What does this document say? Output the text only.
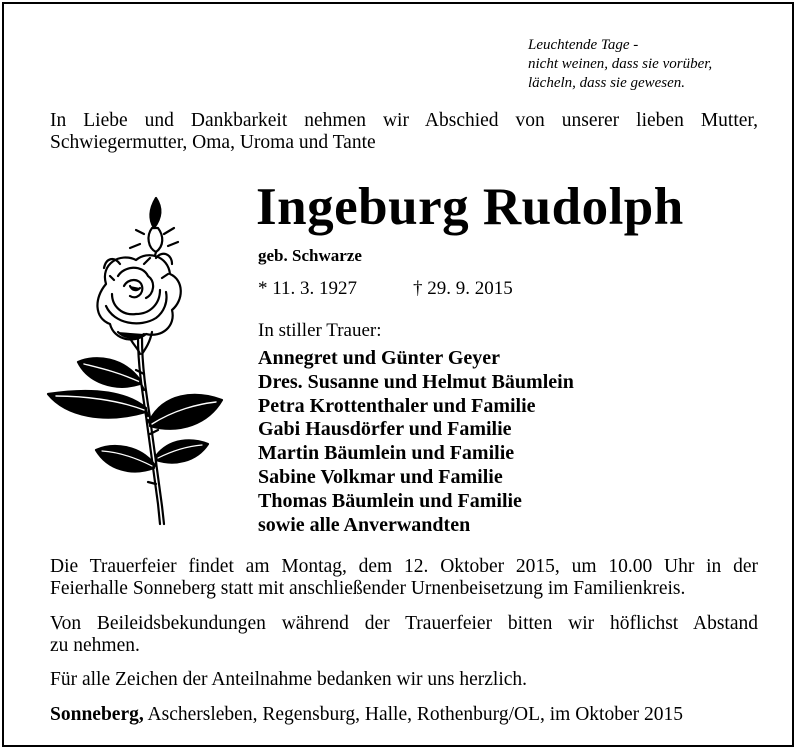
Leuchtende Tage -
nicht weinen, dass sie vorüber,
lächeln, dass sie gewesen.
In Liebe und Dankbarkeit nehmen wir Abschied von unserer lieben Mutter,
Schwiegermutter, Oma, Uroma und Tante
Ingeburg Rudolph
geb. Schwarze
* 11. 3. 1927	† 29. 9. 2015
In stiller Trauer:
Annegret und Günter Geyer
Dres. Susanne und Helmut Bäumlein
Petra Krottenthaler und Familie
Gabi Hausdörfer und Familie
Martin Bäumlein und Familie
Sabine Volkmar und Familie
Thomas Bäumlein und Familie
sowie alle Anverwandten
Die Trauerfeier findet am Montag, dem 12. Oktober 2015, um 10.00 Uhr in der
Feierhalle Sonneberg statt mit anschließender Urnenbeisetzung im Familienkreis.
Von Beileidsbekundungen während der Trauerfeier bitten wir höflichst Abstand
zu nehmen.
Für alle Zeichen der Anteilnahme bedanken wir uns herzlich.
Sonneberg, Aschersleben, Regensburg, Halle, Rothenburg/OL, im Oktober 2015
